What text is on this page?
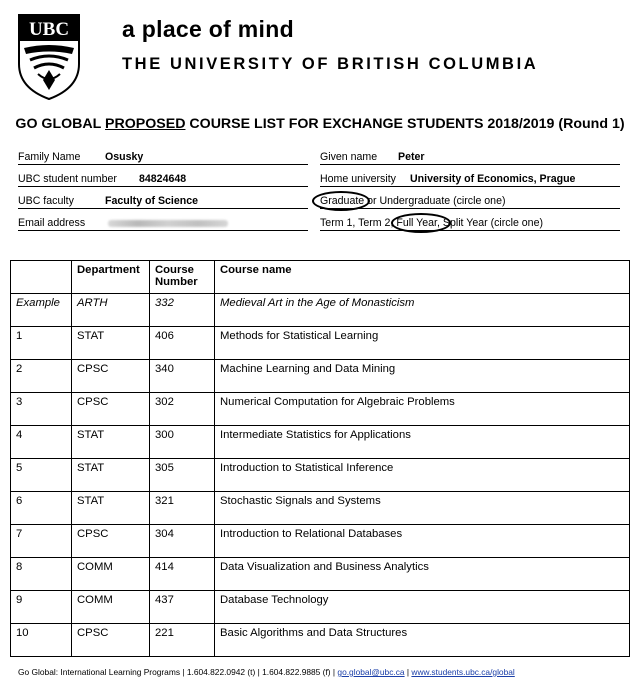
UBC a place of mind
THE UNIVERSITY OF BRITISH COLUMBIA
GO GLOBAL PROPOSED COURSE LIST FOR EXCHANGE STUDENTS 2018/2019 (Round 1)
Family Name Osusky	Given name Peter
UBC student number 84824648	Home university University of Economics, Prague
UBC faculty	Faculty of Science	Graduate or Undergraduate (circle one)
Email address	Term 1, Term 2, Full Year, Split Year (circle one)
	Department	Course Number	Course name
Example	ARTH	332	Medieval Art in the Age of Monasticism
1	STAT	406	Methods for Statistical Learning
2	CPSC	340	Machine Learning and Data Mining
3	CPSC	302	Numerical Computation for Algebraic Problems
4	STAT	300	Intermediate Statistics for Applications
5	STAT	305	Introduction to Statistical Inference
6	STAT	321	Stochastic Signals and Systems
7	CPSC	304	Introduction to Relational Databases
8	COMM	414	Data Visualization and Business Analytics
9	COMM	437	Database Technology
10	CPSC	221	Basic Algorithms and Data Structures
Go Global: International Learning Programs | 1.604.822.0942 (t) | 1.604.822.9885 (f) | go.global@ubc.ca | www.students.ubc.ca/global
